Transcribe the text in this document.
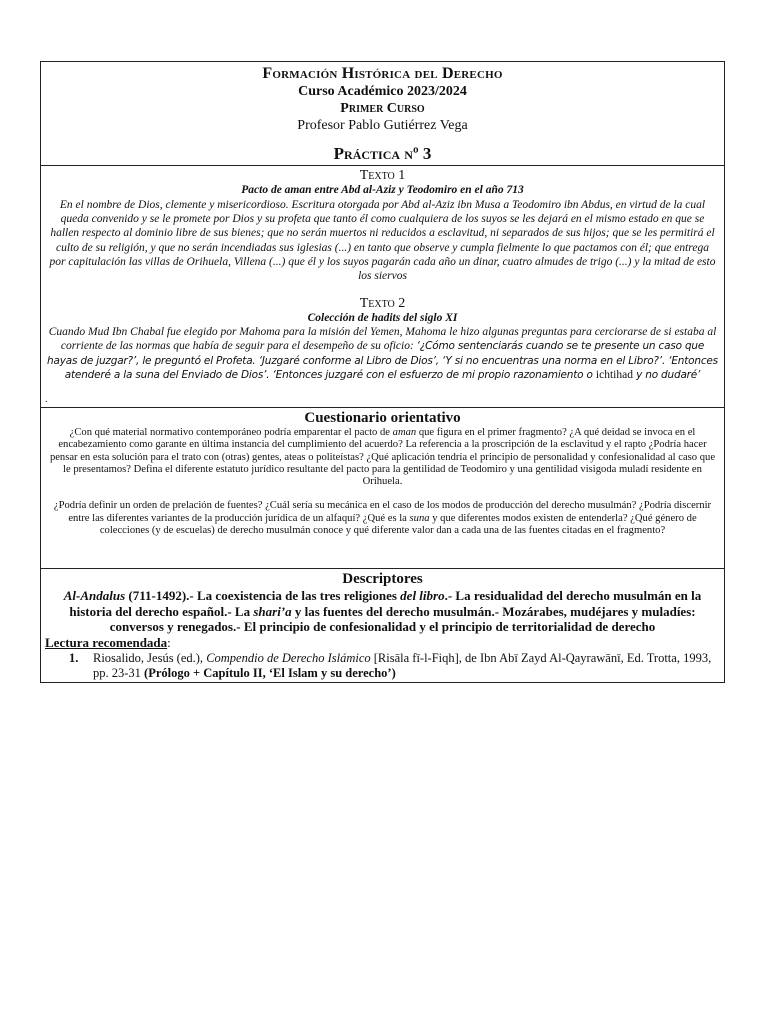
Formación Histórica del Derecho
Curso Académico 2023/2024
Primer Curso
Profesor Pablo Gutiérrez Vega
Práctica nº 3
Texto 1
Pacto de aman entre Abd al-Aziz y Teodomiro en el año 713
En el nombre de Dios, clemente y misericordioso. Escritura otorgada por Abd al-Aziz ibn Musa a Teodomiro ibn Abdus, en virtud de la cual queda convenido y se le promete por Dios y su profeta que tanto él como cualquiera de los suyos se les dejará en el mismo estado en que se hallen respecto al dominio libre de sus bienes; que no serán muertos ni reducidos a esclavitud, ni separados de sus hijos; que se les permitirá el culto de su religión, y que no serán incendiadas sus iglesias (...) en tanto que observe y cumpla fielmente lo que pactamos con él; que entrega por capitulación las villas de Orihuela, Villena (...) que él y los suyos pagarán cada año un dinar, cuatro almudes de trigo (...) y la mitad de esto los siervos
Texto 2
Colección de hadits del siglo XI
Cuando Mud Ibn Chabal fue elegido por Mahoma para la misión del Yemen, Mahoma le hizo algunas preguntas para cerciorarse de si estaba al corriente de las normas que había de seguir para el desempeño de su oficio: ‘¿Cómo sentenciarás cuando se te presente un caso que hayas de juzgar?’, le preguntó el Profeta. ‘Juzgaré conforme al Libro de Dios’, ‘Y si no encuentras una norma en el Libro?’. ‘Entonces atenderé a la suna del Enviado de Dios’. ‘Entonces juzgaré con el esfuerzo de mi propio razonamiento o ichtihad y no dudaré’
.
Cuestionario orientativo
¿Con qué material normativo contemporáneo podría emparentar el pacto de aman que figura en el primer fragmento? ¿A qué deidad se invoca en el encabezamiento como garante en última instancia del cumplimiento del acuerdo? La referencia a la proscripción de la esclavitud y el rapto ¿Podría hacer pensar en esta solución para el trato con (otras) gentes, ateas o politeístas? ¿Qué aplicación tendría el principio de personalidad y confesionalidad al caso que le presentamos? Defina el diferente estatuto jurídico resultante del pacto para la gentilidad de Teodomiro y una gentilidad visigoda muladí residente en Orihuela.
¿Podría definir un orden de prelación de fuentes? ¿Cuál sería su mecánica en el caso de los modos de producción del derecho musulmán? ¿Podría discernir entre las diferentes variantes de la producción jurídica de un alfaquí? ¿Qué es la suna y que diferentes modos existen de entenderla? ¿Qué género de colecciones (y de escuelas) de derecho musulmán conoce y qué diferente valor dan a cada una de las fuentes citadas en el fragmento?
Descriptores
Al-Andalus (711-1492).- La coexistencia de las tres religiones del libro.- La residualidad del derecho musulmán en la historia del derecho español.- La shari’a y las fuentes del derecho musulmán.- Mozárabes, mudéjares y muladíes: conversos y renegados.- El principio de confesionalidad y el principio de territorialidad de derecho
Lectura recomendada:
1.	Riosalido, Jesús (ed.), Compendio de Derecho Islámico [Risāla fī-l-Fiqh], de Ibn Abī Zayd Al-Qayrawānī, Ed. Trotta, 1993, pp. 23-31 (Prólogo + Capítulo II, ‘El Islam y su derecho’)
